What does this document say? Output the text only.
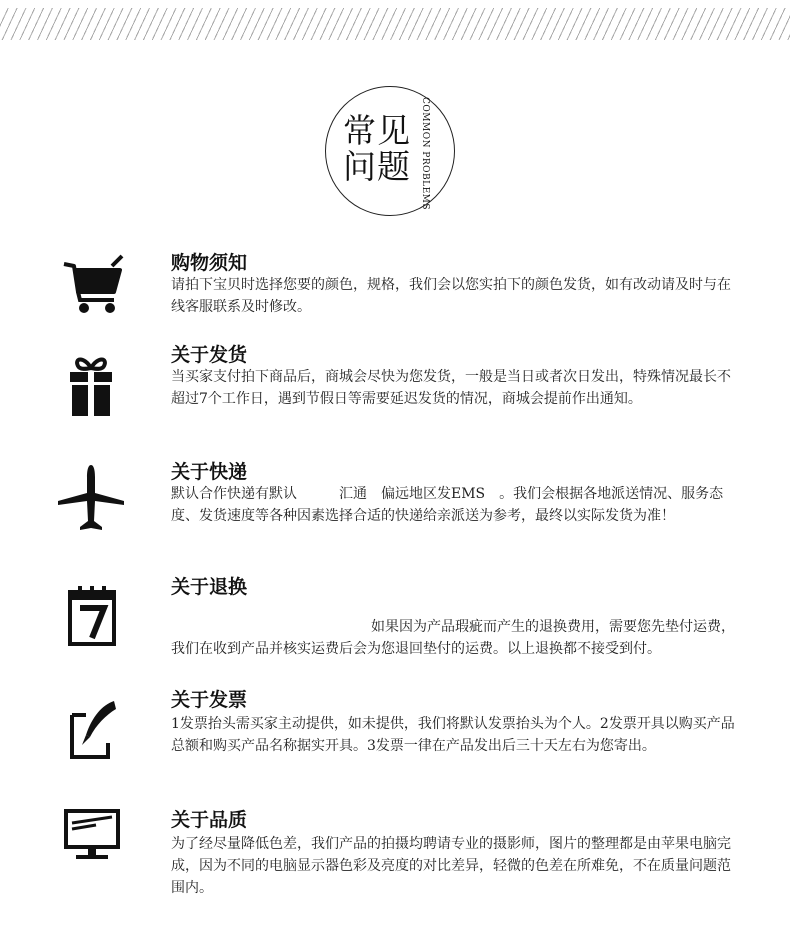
常见问题	COMMON PROBLEMS
购物须知
请拍下宝贝时选择您要的颜色，规格，我们会以您实拍下的颜色发货，如有改动请及时与在线客服联系及时修改。
关于发货
当买家支付拍下商品后，商城会尽快为您发货，一般是当日或者次日发出，特殊情况最长不超过7个工作日，遇到节假日等需要延迟发货的情况，商城会提前作出通知。
关于快递
默认合作快递有默认　　　汇通　偏远地区发EMS　。我们会根据各地派送情况、服务态度、发货速度等各种因素选择合适的快递给亲派送为参考，最终以实际发货为准！
关于退换
如果因为产品瑕疵而产生的退换费用，需要您先垫付运费，我们在收到产品并核实运费后会为您退回垫付的运费。以上退换都不接受到付。
关于发票
1发票抬头需买家主动提供，如未提供，我们将默认发票抬头为个人。2发票开具以购买产品总额和购买产品名称据实开具。3发票一律在产品发出后三十天左右为您寄出。
关于品质
为了经尽量降低色差，我们产品的拍摄均聘请专业的摄影师，图片的整理都是由苹果电脑完成，因为不同的电脑显示器色彩及亮度的对比差异，轻微的色差在所难免，不在质量问题范围内。
